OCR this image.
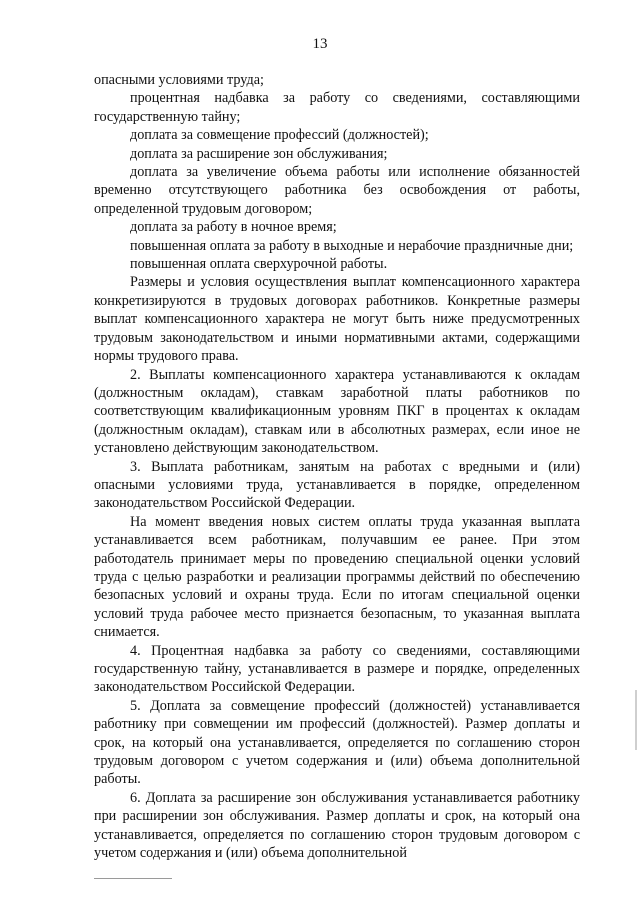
13

опасными условиями труда;

процентная надбавка за работу со сведениями, составляющими государственную тайну;

доплата за совмещение профессий (должностей);

доплата за расширение зон обслуживания;

доплата за увеличение объема работы или исполнение обязанностей временно отсутствующего работника без освобождения от работы, определенной трудовым договором;

доплата за работу в ночное время;

повышенная оплата за работу в выходные и нерабочие праздничные дни;

повышенная оплата сверхурочной работы.

Размеры и условия осуществления выплат компенсационного характера конкретизируются в трудовых договорах работников. Конкретные размеры выплат компенсационного характера не могут быть ниже предусмотренных трудовым законодательством и иными нормативными актами, содержащими нормы трудового права.

2. Выплаты компенсационного характера устанавливаются к окладам (должностным окладам), ставкам заработной платы работников по соответствующим квалификационным уровням ПКГ в процентах к окладам (должностным окладам), ставкам или в абсолютных размерах, если иное не установлено действующим законодательством.

3. Выплата работникам, занятым на работах с вредными и (или) опасными условиями труда, устанавливается в порядке, определенном законодательством Российской Федерации.

На момент введения новых систем оплаты труда указанная выплата устанавливается всем работникам, получавшим ее ранее. При этом работодатель принимает меры по проведению специальной оценки условий труда с целью разработки и реализации программы действий по обеспечению безопасных условий и охраны труда. Если по итогам специальной оценки условий труда рабочее место признается безопасным, то указанная выплата снимается.

4. Процентная надбавка за работу со сведениями, составляющими государственную тайну, устанавливается в размере и порядке, определенных законодательством Российской Федерации.

5. Доплата за совмещение профессий (должностей) устанавливается работнику при совмещении им профессий (должностей). Размер доплаты и срок, на который она устанавливается, определяется по соглашению сторон трудовым договором с учетом содержания и (или) объема дополнительной работы.

6. Доплата за расширение зон обслуживания устанавливается работнику при расширении зон обслуживания. Размер доплаты и срок, на который она устанавливается, определяется по соглашению сторон трудовым договором с учетом содержания и (или) объема дополнительной
